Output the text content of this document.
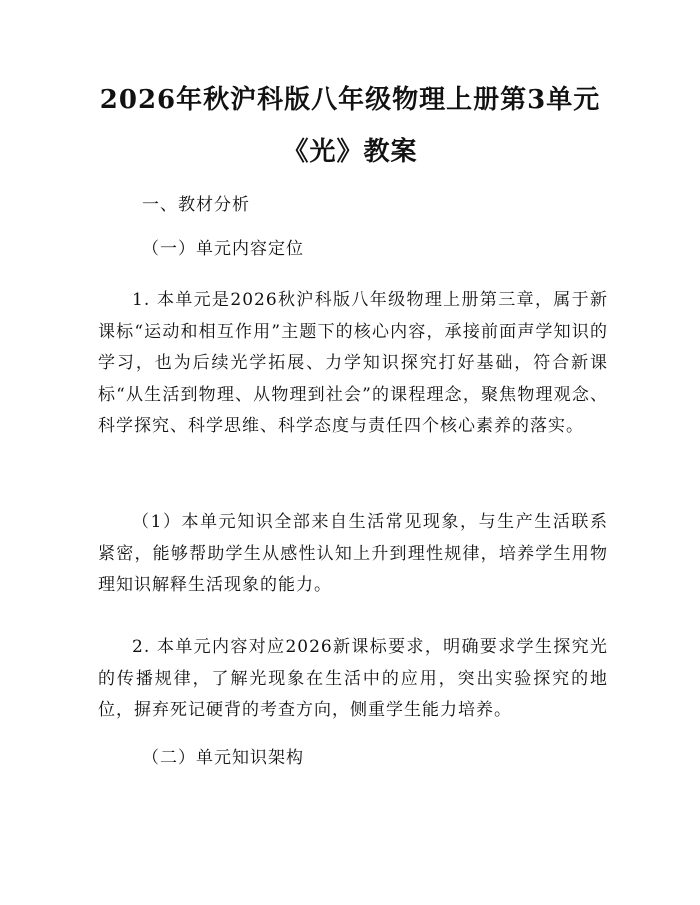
2026年秋沪科版八年级物理上册第3单元
《光》教案
一、教材分析
（一）单元内容定位

1. 本单元是2026秋沪科版八年级物理上册第三章，属于新课标“运动和相互作用”主题下的核心内容，承接前面声学知识的学习，也为后续光学拓展、力学知识探究打好基础，符合新课标“从生活到物理、从物理到社会”的课程理念，聚焦物理观念、科学探究、科学思维、科学态度与责任四个核心素养的落实。

（1）本单元知识全部来自生活常见现象，与生产生活联系紧密，能够帮助学生从感性认知上升到理性规律，培养学生用物理知识解释生活现象的能力。

2. 本单元内容对应2026新课标要求，明确要求学生探究光的传播规律，了解光现象在生活中的应用，突出实验探究的地位，摒弃死记硬背的考查方向，侧重学生能力培养。

（二）单元知识架构
